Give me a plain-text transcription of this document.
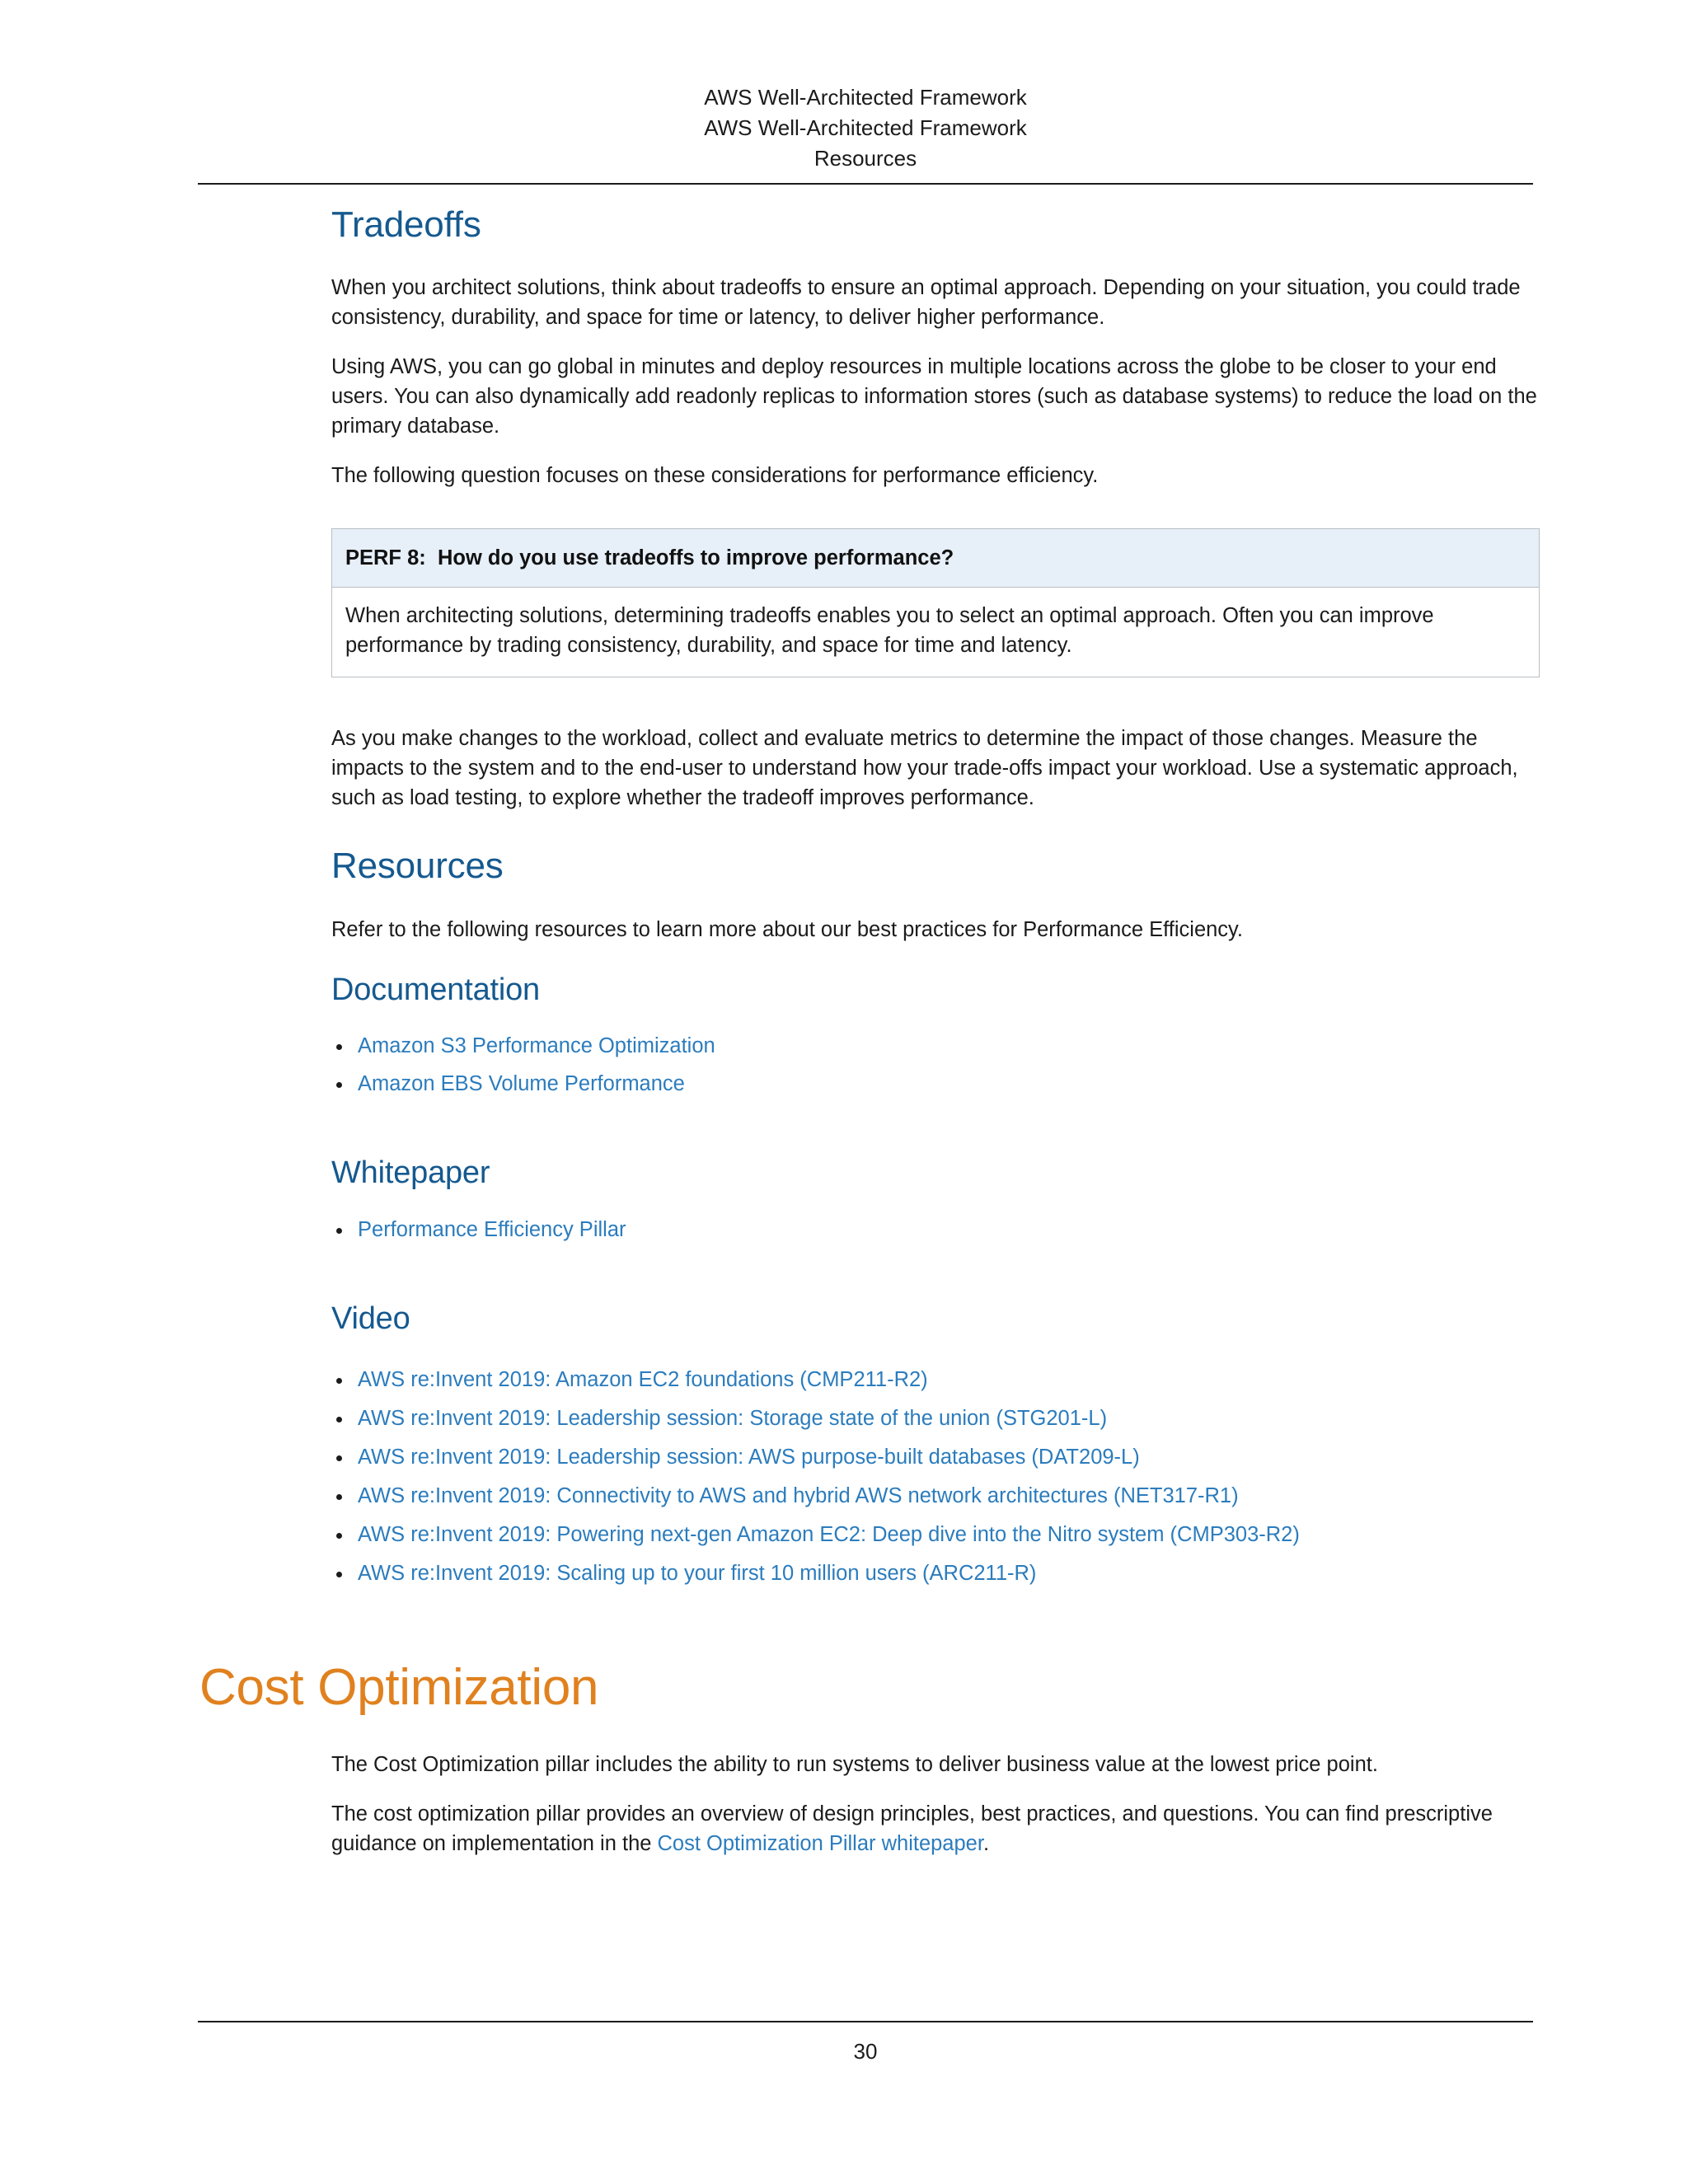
AWS Well-Architected Framework
AWS Well-Architected Framework
Resources
Tradeoffs

When you architect solutions, think about tradeoffs to ensure an optimal approach. Depending on your situation, you could trade consistency, durability, and space for time or latency, to deliver higher performance.

Using AWS, you can go global in minutes and deploy resources in multiple locations across the globe to be closer to your end users. You can also dynamically add readonly replicas to information stores (such as database systems) to reduce the load on the primary database.

The following question focuses on these considerations for performance efficiency.

PERF 8: How do you use tradeoffs to improve performance?
When architecting solutions, determining tradeoffs enables you to select an optimal approach. Often you can improve performance by trading consistency, durability, and space for time and latency.

As you make changes to the workload, collect and evaluate metrics to determine the impact of those changes. Measure the impacts to the system and to the end-user to understand how your trade-offs impact your workload. Use a systematic approach, such as load testing, to explore whether the tradeoff improves performance.

Resources

Refer to the following resources to learn more about our best practices for Performance Efficiency.

Documentation
Amazon S3 Performance Optimization
Amazon EBS Volume Performance
Whitepaper
Performance Efficiency Pillar
Video
AWS re:Invent 2019: Amazon EC2 foundations (CMP211-R2)
AWS re:Invent 2019: Leadership session: Storage state of the union (STG201-L)
AWS re:Invent 2019: Leadership session: AWS purpose-built databases (DAT209-L)
AWS re:Invent 2019: Connectivity to AWS and hybrid AWS network architectures (NET317-R1)
AWS re:Invent 2019: Powering next-gen Amazon EC2: Deep dive into the Nitro system (CMP303-R2)
AWS re:Invent 2019: Scaling up to your first 10 million users (ARC211-R)
Cost Optimization

The Cost Optimization pillar includes the ability to run systems to deliver business value at the lowest price point.

The cost optimization pillar provides an overview of design principles, best practices, and questions. You can find prescriptive guidance on implementation in the Cost Optimization Pillar whitepaper.

30
